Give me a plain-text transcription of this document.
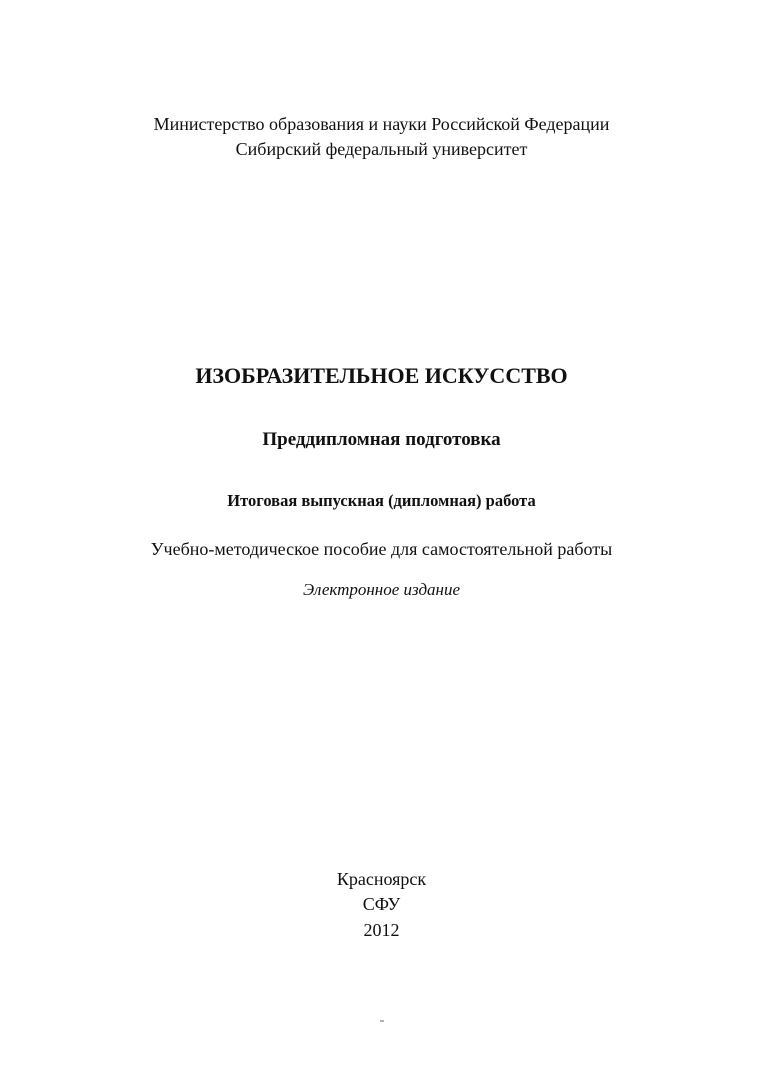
Министерство образования и науки Российской Федерации
Сибирский федеральный университет
ИЗОБРАЗИТЕЛЬНОЕ ИСКУССТВО
Преддипломная подготовка
Итоговая выпускная (дипломная) работа
Учебно-методическое пособие для самостоятельной работы
Электронное издание
Красноярск
СФУ
2012
